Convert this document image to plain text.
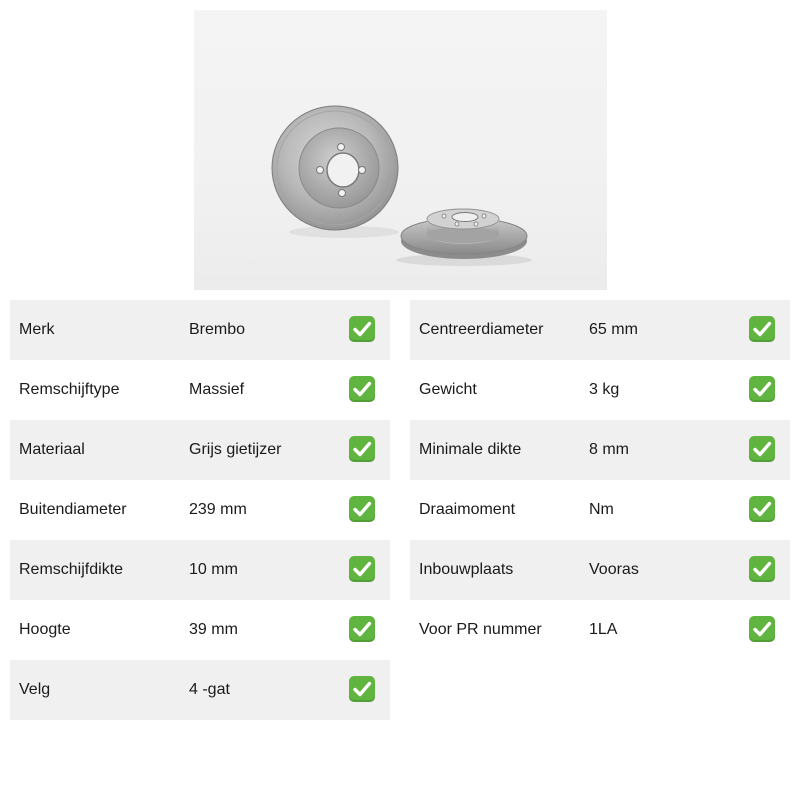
Merk	Brembo
Remschijftype	Massief
Materiaal	Grijs gietijzer
Buitendiameter	239 mm
Remschijfdikte	10 mm
Hoogte	39 mm
Velg	4 -gat
Centreerdiameter	65 mm
Gewicht	3 kg
Minimale dikte	8 mm
Draaimoment	Nm
Inbouwplaats	Vooras
Voor PR nummer	1LA
